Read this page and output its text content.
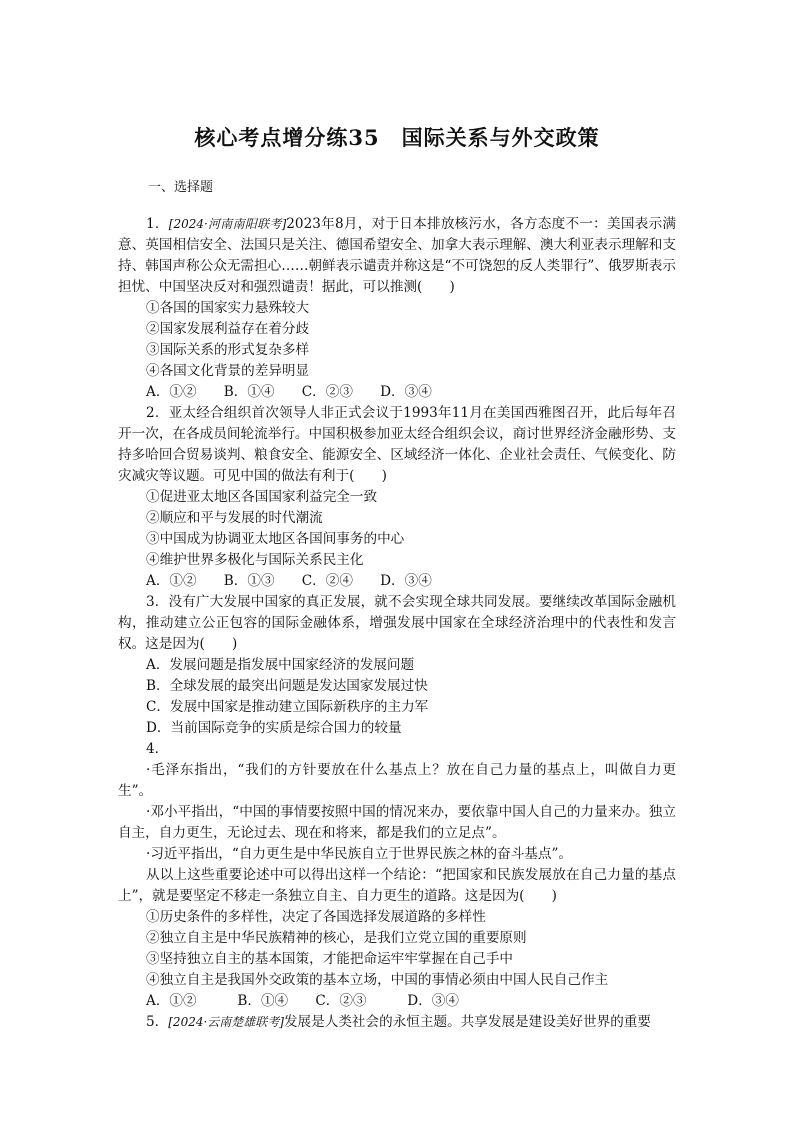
核心考点增分练35　国际关系与外交政策
一、选择题

1．[2024·河南南阳联考]2023年8月，对于日本排放核污水，各方态度不一：美国表示满意、英国相信安全、法国只是关注、德国希望安全、加拿大表示理解、澳大利亚表示理解和支持、韩国声称公众无需担心……朝鲜表示谴责并称这是“不可饶恕的反人类罪行”、俄罗斯表示担忧、中国坚决反对和强烈谴责！据此，可以推测(　　)

①各国的国家实力悬殊较大

②国家发展利益存在着分歧

③国际关系的形式复杂多样

④各国文化背景的差异明显

A．①②　　B．①④　　C．②③　　D．③④

2．亚太经合组织首次领导人非正式会议于1993年11月在美国西雅图召开，此后每年召开一次，在各成员间轮流举行。中国积极参加亚太经合组织会议，商讨世界经济金融形势、支持多哈回合贸易谈判、粮食安全、能源安全、区域经济一体化、企业社会责任、气候变化、防灾减灾等议题。可见中国的做法有利于(　　)

①促进亚太地区各国国家利益完全一致

②顺应和平与发展的时代潮流

③中国成为协调亚太地区各国间事务的中心

④维护世界多极化与国际关系民主化

A．①②　　B．①③　　C．②④　　D．③④

3．没有广大发展中国家的真正发展，就不会实现全球共同发展。要继续改革国际金融机构，推动建立公正包容的国际金融体系，增强发展中国家在全球经济治理中的代表性和发言权。这是因为(　　)

A．发展问题是指发展中国家经济的发展问题

B．全球发展的最突出问题是发达国家发展过快

C．发展中国家是推动建立国际新秩序的主力军

D．当前国际竞争的实质是综合国力的较量

4．

·毛泽东指出，“我们的方针要放在什么基点上？放在自己力量的基点上，叫做自力更生”。

·邓小平指出，“中国的事情要按照中国的情况来办，要依靠中国人自己的力量来办。独立自主，自力更生，无论过去、现在和将来，都是我们的立足点”。

·习近平指出，“自力更生是中华民族自立于世界民族之林的奋斗基点”。

从以上这些重要论述中可以得出这样一个结论：“把国家和民族发展放在自己力量的基点上”，就是要坚定不移走一条独立自主、自力更生的道路。这是因为(　　)

①历史条件的多样性，决定了各国选择发展道路的多样性

②独立自主是中华民族精神的核心，是我们立党立国的重要原则

③坚持独立自主的基本国策，才能把命运牢牢掌握在自己手中

④独立自主是我国外交政策的基本立场，中国的事情必须由中国人民自己作主

A．①②　　　B．①④　　C．②③　　　D．③④

5．[2024·云南楚雄联考]发展是人类社会的永恒主题。共享发展是建设美好世界的重要
